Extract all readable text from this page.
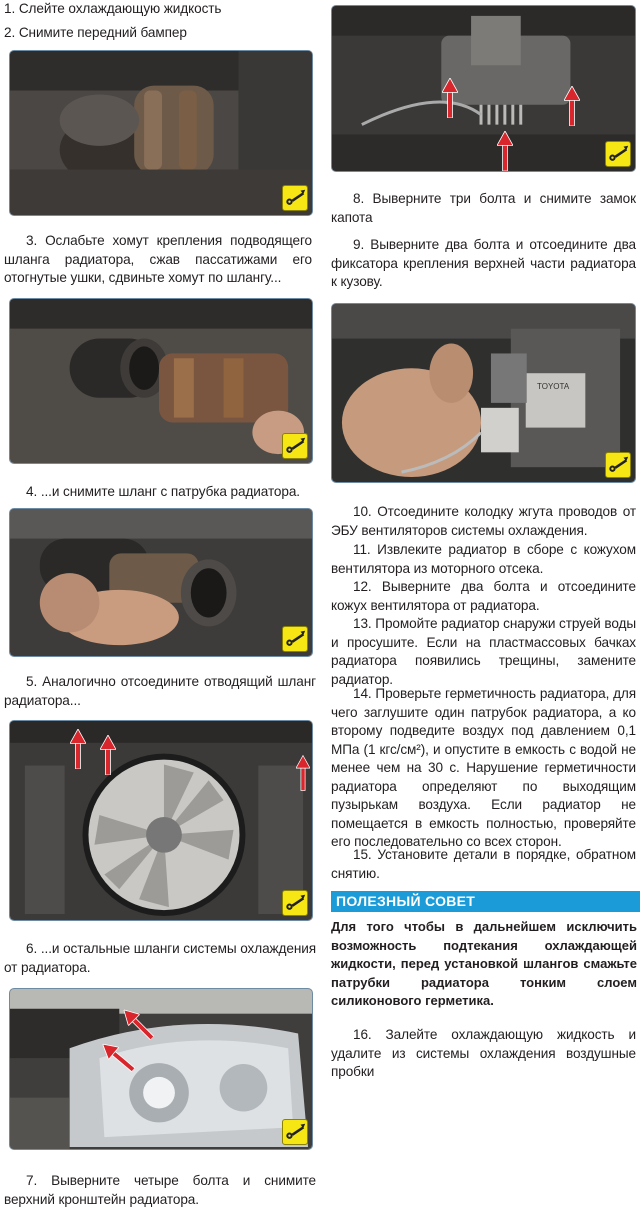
1. Слейте охлаждающую жидкость

2. Снимите передний бампер

3. Ослабьте хомут крепления подводящего шланга радиатора, сжав пассатижами его отогнутые ушки, сдвиньте хомут по шлангу...

4. ...и снимите шланг с патрубка радиатора.

5. Аналогично отсоедините отводящий шланг радиатора...

6. ...и остальные шланги системы охлаждения от радиатора.

7. Выверните четыре болта и снимите верхний кронштейн радиатора.

8. Выверните три болта и снимите замок капота

9. Выверните два болта и отсоедините два фиксатора крепления верхней части радиатора к кузову.

TOYOTA

10. Отсоедините колодку жгута проводов от ЭБУ вентиляторов системы охлаждения.

11. Извлеките радиатор в сборе с кожухом вентилятора из моторного отсека.

12. Выверните два болта и отсоедините кожух вентилятора от радиатора.

13. Промойте радиатор снаружи струей воды и просушите. Если на пластмассовых бачках радиатора появились трещины, замените радиатор.

14. Проверьте герметичность радиатора, для чего заглушите один патрубок радиатора, а ко второму подведите воздух под давлением 0,1 МПа (1 кгс/см²), и опустите в емкость с водой не менее чем на 30 с. Нарушение герметичности радиатора определяют по выходящим пузырькам воздуха. Если радиатор не помещается в емкость полностью, проверяйте его последовательно со всех сторон.

15. Установите детали в порядке, обратном снятию.

ПОЛЕЗНЫЙ СОВЕТ

Для того чтобы в дальнейшем исключить возможность подтекания охлаждающей жидкости, перед установкой шлангов смажьте патрубки радиатора тонким слоем силиконового герметика.

16. Залейте охлаждающую жидкость и удалите из системы охлаждения воздушные пробки
